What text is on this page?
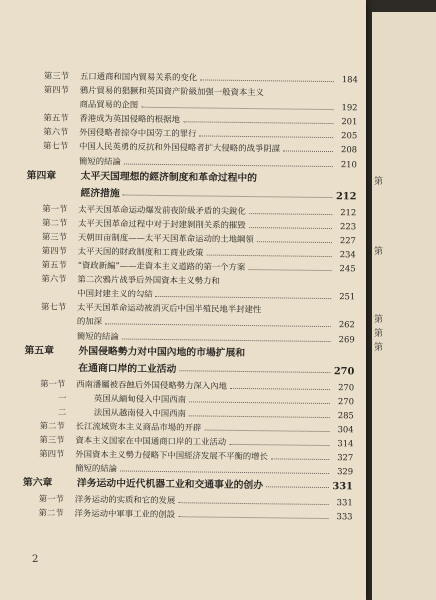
第三节 五口通商和国内貿易关系的变化	184
第四节 鴉片貿易的猖獗和英国資产阶級加强一般資本主义
商品貿易的企图	192
第五节 香港成为英国侵略的根据地	201
第六节 外国侵略者掠夺中国劳工的罪行	205
第七节 中国人民英勇的反抗和外国侵略者扩大侵略的战爭阴謀	208
簡短的結論	210
第四章 太平天国理想的經济制度和革命过程中的
經济措施	212
第一节 太平天国革命运动爆发前夜阶級矛盾的尖銳化	212
第二节 太平天国革命过程中对于封建剝削关系的摧毀	223
第三节 天朝田亩制度——太平天国革命运动的土地綱領	227
第四节 太平天国的財政制度和工商业政策	234
第五节 “資政新編”——走資本主义道路的第一个方案	245
第六节 第二次鴉片战爭后外国資本主义勢力和
中国封建主义的勾結	251
第七节 太平天国革命运动被消灭后中国半殖民地半封建性
的加深	262
簡短的結論	269
第五章 外国侵略勢力对中国內地的市場扩展和
在通商口岸的工业活动	270
第一节 西南潘屬被吞蝕后外国侵略勢力深入內地	270
一	英国从緬甸侵入中国西南	270
二	法国从越南侵入中国西南	285
第二节 长江流域资本主义商品市場的开辟	304
第三节 資本主义国家在中国通商口岸的工业活动	314
第四节 外国資本主义勢力侵略下中国經济发展不平衡的增长	327
簡短的結論	329
第六章 洋务运动中近代机器工业和交通事业的创办	331
第一节 洋务运动的实质和它的发展	331
第二节 洋务运动中軍事工业的创設	333
2
第
第
第
第
第
